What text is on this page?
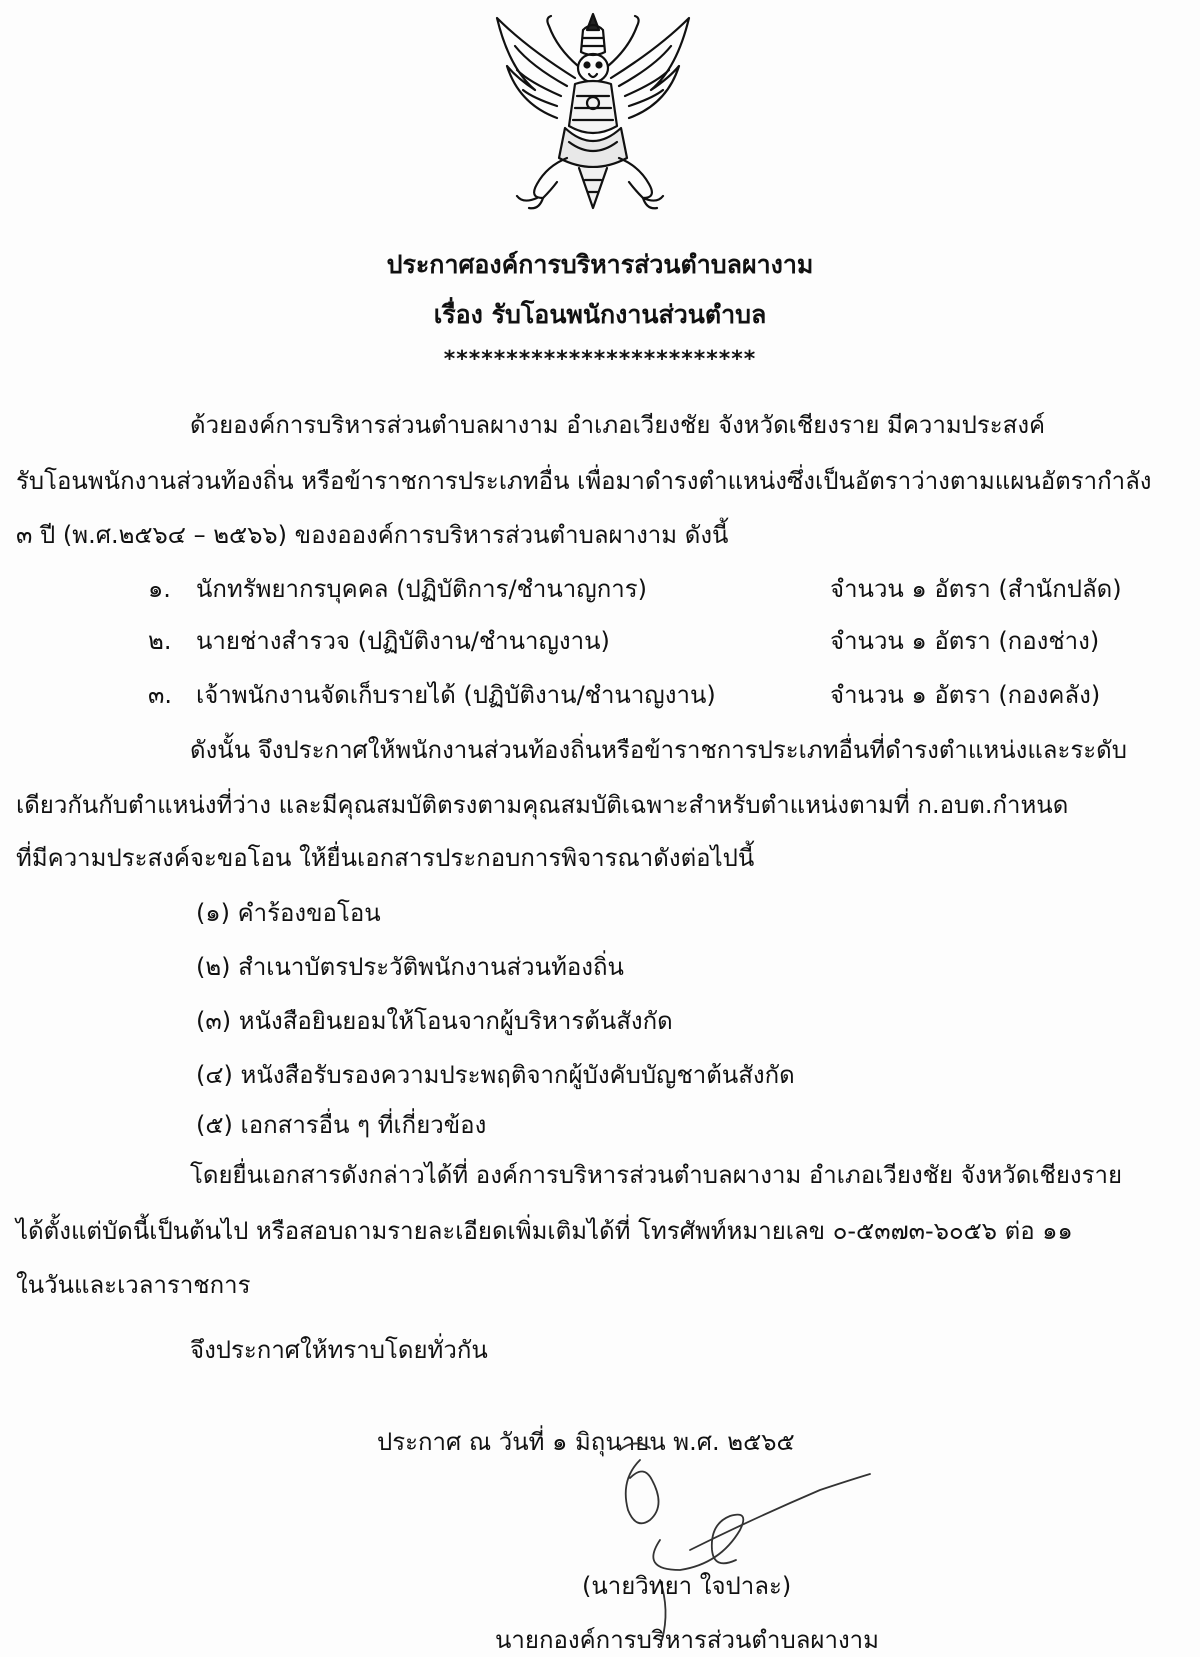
ประกาศองค์การบริหารส่วนตำบลผางาม
เรื่อง รับโอนพนักงานส่วนตำบล
*************************
ด้วยองค์การบริหารส่วนตำบลผางาม อำเภอเวียงชัย จังหวัดเชียงราย มีความประสงค์
รับโอนพนักงานส่วนท้องถิ่น หรือข้าราชการประเภทอื่น เพื่อมาดำรงตำแหน่งซึ่งเป็นอัตราว่างตามแผนอัตรากำลัง
๓ ปี (พ.ศ.๒๕๖๔ – ๒๕๖๖) ของอองค์การบริหารส่วนตำบลผางาม ดังนี้
๑. นักทรัพยากรบุคคล (ปฏิบัติการ/ชำนาญการ)	จำนวน ๑ อัตรา (สำนักปลัด)
๒. นายช่างสำรวจ (ปฏิบัติงาน/ชำนาญงาน)	จำนวน ๑ อัตรา (กองช่าง)
๓. เจ้าพนักงานจัดเก็บรายได้ (ปฏิบัติงาน/ชำนาญงาน)	จำนวน ๑ อัตรา (กองคลัง)
ดังนั้น จึงประกาศให้พนักงานส่วนท้องถิ่นหรือข้าราชการประเภทอื่นที่ดำรงตำแหน่งและระดับ
เดียวกันกับตำแหน่งที่ว่าง และมีคุณสมบัติตรงตามคุณสมบัติเฉพาะสำหรับตำแหน่งตามที่ ก.อบต.กำหนด
ที่มีความประสงค์จะขอโอน ให้ยื่นเอกสารประกอบการพิจารณาดังต่อไปนี้
(๑) คำร้องขอโอน
(๒) สำเนาบัตรประวัติพนักงานส่วนท้องถิ่น
(๓) หนังสือยินยอมให้โอนจากผู้บริหารต้นสังกัด
(๔) หนังสือรับรองความประพฤติจากผู้บังคับบัญชาต้นสังกัด
(๕) เอกสารอื่น ๆ ที่เกี่ยวข้อง
โดยยื่นเอกสารดังกล่าวได้ที่ องค์การบริหารส่วนตำบลผางาม อำเภอเวียงชัย จังหวัดเชียงราย
ได้ตั้งแต่บัดนี้เป็นต้นไป หรือสอบถามรายละเอียดเพิ่มเติมได้ที่ โทรศัพท์หมายเลข ๐-๕๓๗๓-๖๐๕๖ ต่อ ๑๑
ในวันและเวลาราชการ
จึงประกาศให้ทราบโดยทั่วกัน
ประกาศ ณ วันที่ ๑ มิถุนายน พ.ศ. ๒๕๖๕
(นายวิทยา ใจปาละ)
นายกองค์การบริหารส่วนตำบลผางาม
